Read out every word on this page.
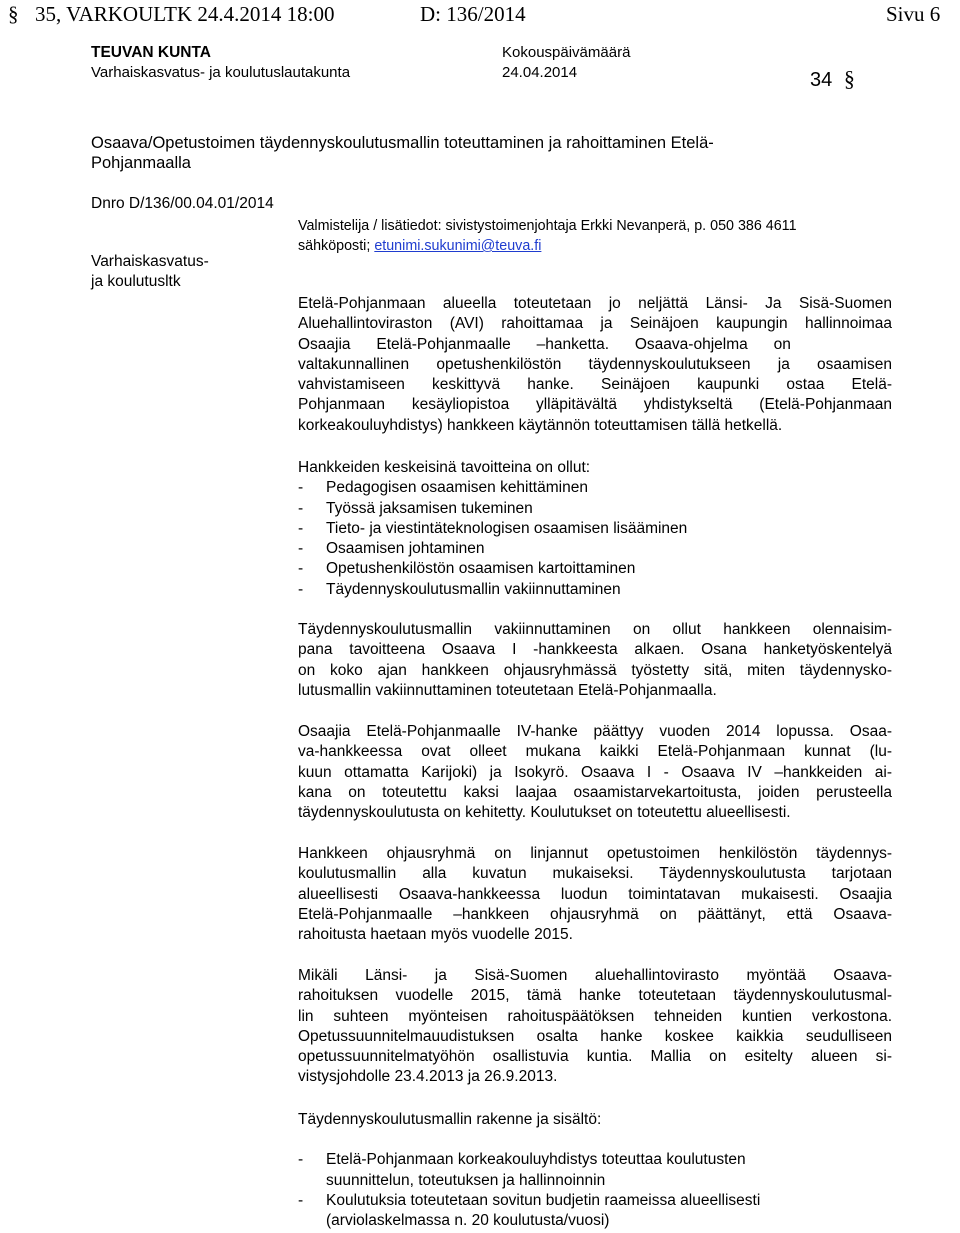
§ 35, VARKOULTK 24.4.2014 18:00	D: 136/2014	Sivu 6
TEUVAN KUNTA
Varhaiskasvatus- ja koulutuslautakunta
Kokouspäivämäärä
24.04.2014	34 §
Osaava/Opetustoimen täydennyskoulutusmallin toteuttaminen ja rahoittaminen Etelä-
Pohjanmaalla
Dnro D/136/00.04.01/2014
Valmistelija / lisätiedot: sivistystoimenjohtaja Erkki Nevanperä, p. 050 386 4611
sähköposti; etunimi.sukunimi@teuva.fi
Varhaiskasvatus-
ja koulutusltk
Etelä-Pohjanmaan alueella toteutetaan jo neljättä Länsi- Ja Sisä-Suomen
Aluehallintoviraston (AVI) rahoittamaa ja Seinäjoen kaupungin hallinnoimaa
Osaajia      Etelä-Pohjanmaalle      –hanketta.      Osaava-ohjelma      on
valtakunnallinen opetushenkilöstön täydennyskoulutukseen ja osaamisen
vahvistamiseen keskittyvä hanke. Seinäjoen kaupunki ostaa Etelä-
Pohjanmaan kesäyliopistoa ylläpitävältä yhdistykseltä (Etelä-Pohjanmaan
korkeakouluyhdistys) hankkeen käytännön toteuttamisen tällä hetkellä.
Hankkeiden keskeisinä tavoitteina on ollut:
- Pedagogisen osaamisen kehittäminen
- Työssä jaksamisen tukeminen
- Tieto- ja viestintäteknologisen osaamisen lisääminen
- Osaamisen johtaminen
- Opetushenkilöstön osaamisen kartoittaminen
- Täydennyskoulutusmallin vakiinnuttaminen
Täydennyskoulutusmallin vakiinnuttaminen on ollut hankkeen olennaisim-
pana tavoitteena Osaava I -hankkeesta alkaen. Osana hanketyöskentelyä
on koko ajan hankkeen ohjausryhmässä työstetty sitä, miten täydennysko-
lutusmallin vakiinnuttaminen toteutetaan Etelä-Pohjanmaalla.
Osaajia Etelä-Pohjanmaalle IV-hanke päättyy vuoden 2014 lopussa. Osaa-
va-hankkeessa ovat olleet mukana kaikki Etelä-Pohjanmaan kunnat (lu-
kuun ottamatta Karijoki) ja Isokyrö. Osaava I - Osaava IV –hankkeiden ai-
kana on toteutettu kaksi laajaa osaamistarvekartoitusta, joiden perusteella
täydennyskoulutusta on kehitetty. Koulutukset on toteutettu alueellisesti.
Hankkeen ohjausryhmä on linjannut opetustoimen henkilöstön täydennys-
koulutusmallin alla kuvatun mukaiseksi. Täydennyskoulutusta tarjotaan
alueellisesti Osaava-hankkeessa luodun toimintatavan mukaisesti. Osaajia
Etelä-Pohjanmaalle –hankkeen ohjausryhmä on päättänyt, että Osaava-
rahoitusta haetaan myös vuodelle 2015.
Mikäli Länsi- ja Sisä-Suomen aluehallintovirasto myöntää Osaava-
rahoituksen vuodelle 2015, tämä hanke toteutetaan täydennyskoulutusmal-
lin suhteen myönteisen rahoituspäätöksen tehneiden kuntien verkostona.
Opetussuunnitelmauudistuksen osalta hanke koskee kaikkia seudulliseen
opetussuunnitelmatyöhön osallistuvia kuntia. Mallia on esitelty alueen si-
vistysjohdolle 23.4.2013 ja 26.9.2013.
Täydennyskoulutusmallin rakenne ja sisältö:
- Etelä-Pohjanmaan korkeakouluyhdistys toteuttaa koulutusten
suunnittelun, toteutuksen ja hallinnoinnin
- Koulutuksia toteutetaan sovitun budjetin raameissa alueellisesti
(arviolaskelmassa n. 20 koulutusta/vuosi)
